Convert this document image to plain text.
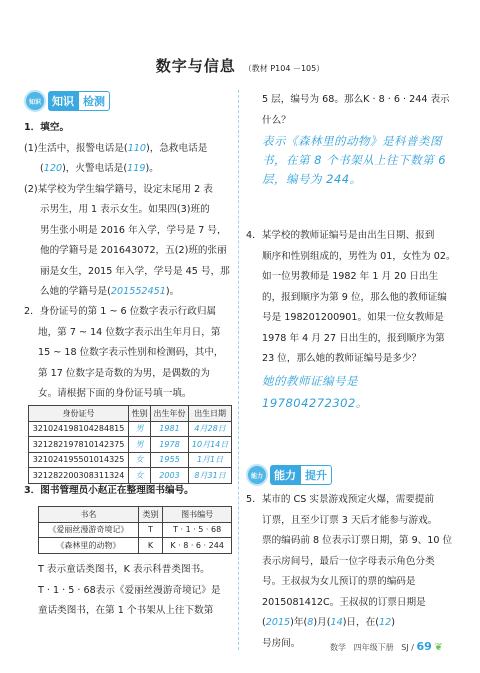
数字与信息 （教材 P104 －105）
知识	知识 检测
1．填空。
(1)生活中，报警电话是(110)，急救电话是
(120)，火警电话是(119)。
(2)某学校为学生编学籍号，设定末尾用 2 表
示男生，用 1 表示女生。如果四(3)班的
男生张小明是 2016 年入学，学号是 7 号，
他的学籍号是 201643072，五(2)班的张丽
丽是女生，2015 年入学，学号是 45 号，那
么她的学籍号是(201552451)。
2．身份证号的第 1 ~ 6 位数字表示行政归属
地，第 7 ~ 14 位数字表示出生年月日，第
15 ~ 18 位数字表示性别和检测码，其中，
第 17 位数字是奇数的为男，是偶数的为
女。请根据下面的身份证号填一填。
身份证号	性别	出生年份	出生日期
321024198104284815	男	1981	4月28日
321282197810142375	男	1978	10月14日
321024195501014325	女	1955	1月1日
321282200308311324	女	2003	8月31日
3．图书管理员小赵正在整理图书编号。
书名	类别	图书编号
《爱丽丝漫游奇境记》	T	T · 1 · 5 · 68
《森林里的动物》	K	K · 8 · 6 · 244
T 表示童话类图书，K 表示科普类图书。
T · 1 · 5 · 68表示《爱丽丝漫游奇境记》是
童话类图书，在第 1 个书架从上往下数第
5 层，编号为 68。那么K · 8 · 6 · 244 表示
什么？
表示《森林里的动物》是科普类图
书，在第 8 个书架从上往下数第 6
层，编号为 244。
4．某学校的教师证编号是由出生日期、报到
顺序和性别组成的，男性为 01，女性为 02。
如一位男教师是 1982 年 1 月 20 日出生
的，报到顺序为第 9 位，那么他的教师证编
号是 198201200901。如果一位女教师是
1978 年 4 月 27 日出生的，报到顺序为第
23 位，那么她的教师证编号是多少？
她的教师证编号是 197804272302。
能力	能力 提升
5．某市的 CS 实景游戏预定火爆，需要提前
订票，且至少订票 3 天后才能参与游戏。
票的编码前 8 位表示订票日期，第 9、10 位
表示房间号，最后一位字母表示角色分类
号。王叔叔为女儿预订的票的编码是
2015081412C。王叔叔的订票日期是
(2015)年(8)月(14)日，在(12)
号房间。	数学 四年级下册 SJ / 69 ❦
